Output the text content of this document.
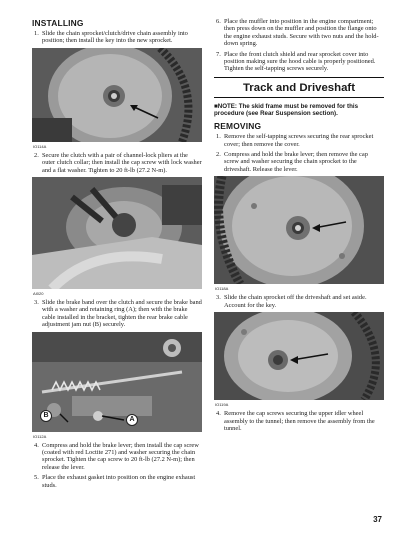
INSTALLING
1. Slide the chain sprocket/clutch/drive chain assembly into position; then install the key into the new sprocket.
IO114A
2. Secure the clutch with a pair of channel-lock pliers at the outer clutch collar; then install the cap screw with lock washer and a flat washer. Tighten to 20 ft-lb (27.2 N-m).
AI020
3. Slide the brake band over the clutch and secure the brake band with a washer and retaining ring (A); then with the brake cable installed in the bracket, tighten the rear brake cable adjustment jam nut (B) securely.
B
A
IO112A
4. Compress and hold the brake lever; then install the cap screw (coated with red Loctite 271) and washer securing the chain sprocket. Tighten the cap screw to 20 ft-lb (27.2 N-m); then release the lever.
5. Place the exhaust gasket into position on the engine exhaust studs.
6. Place the muffler into position in the engine compartment; then press down on the muffler and position the flange onto the engine exhaust studs. Secure with two nuts and the hold-down spring.
7. Place the front clutch shield and rear sprocket cover into position making sure the hood cable is properly positioned. Tighten the self-tapping screws securely.
Track and Driveshaft
■NOTE: The skid frame must be removed for this procedure (see Rear Suspension section).
REMOVING
1. Remove the self-tapping screws securing the rear sprocket cover; then remove the cover.
2. Compress and hold the brake lever; then remove the cap screw and washer securing the chain sprocket to the driveshaft. Release the lever.
IO118A
3. Slide the chain sprocket off the driveshaft and set aside. Account for the key.
IO119A
4. Remove the cap screws securing the upper idler wheel assembly to the tunnel; then remove the assembly from the tunnel.
37
